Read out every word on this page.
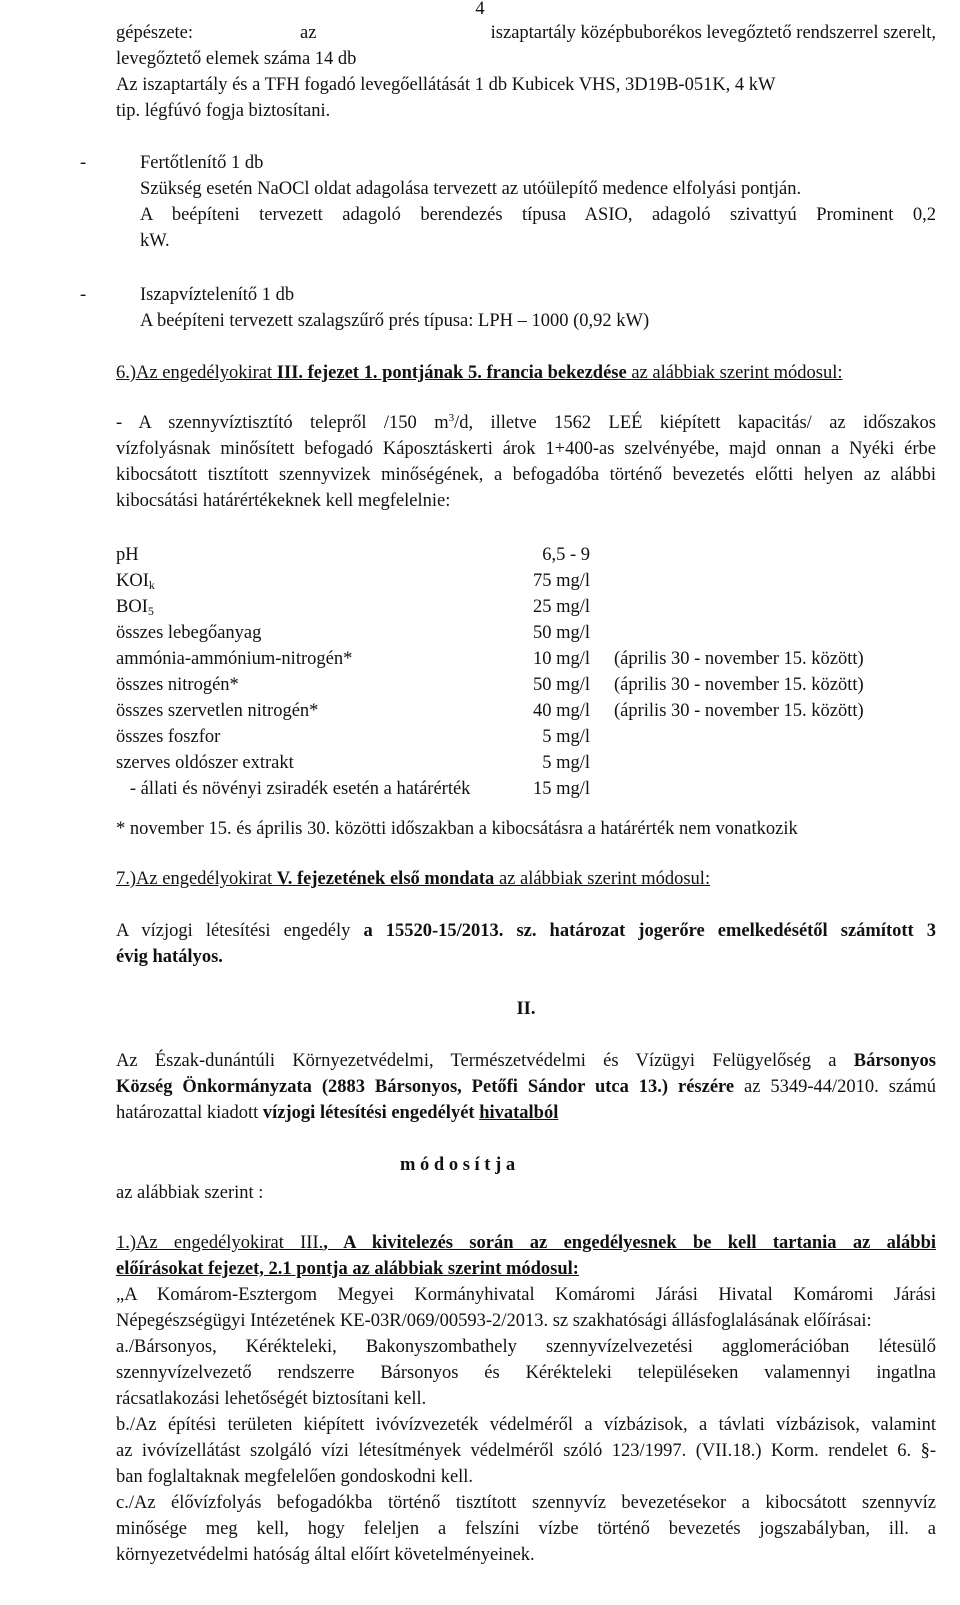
4
gépészete:	az	iszaptartály középbuborékos levegőztető rendszerrel szerelt,
levegőztető elemek száma 14 db
Az iszaptartály és a TFH fogadó levegőellátását 1 db Kubicek VHS, 3D19B-051K, 4 kW
tip. légfúvó fogja biztosítani.
-	Fertőtlenítő 1 db
Szükség esetén NaOCl oldat adagolása tervezett az utóülepítő medence elfolyási pontján.
A beépíteni tervezett adagoló berendezés típusa ASIO, adagoló szivattyú Prominent 0,2
kW.
-	Iszapvíztelenítő 1 db
A beépíteni tervezett szalagszűrő prés típusa: LPH – 1000 (0,92 kW)
6.)Az engedélyokirat III. fejezet 1. pontjának 5. francia bekezdése az alábbiak szerint módosul:
- A szennyvíztisztító telepről /150 $m^3/d$, illetve 1562 LEÉ kiépített kapacitás/ az időszakos
vízfolyásnak minősített befogadó Káposztáskerti árok 1+400-as szelvényébe, majd onnan a Nyéki érbe
kibocsátott tisztított szennyvizek minőségének, a befogadóba történő bevezetés előtti helyen az alábbi
kibocsátási határértékeknek kell megfelelnie:
pH	6,5 - 9
$KOI_k$	75 mg/l
$BOI_5$	25 mg/l
összes lebegőanyag	50 mg/l
ammónia-ammónium-nitrogén*	10 mg/l (április 30 - november 15. között)
összes nitrogén*	50 mg/l (április 30 - november 15. között)
összes szervetlen nitrogén*	40 mg/l (április 30 - november 15. között)
összes foszfor	5 mg/l
szerves oldószer extrakt	5 mg/l
- állati és növényi zsiradék esetén a határérték	15 mg/l
* november 15. és április 30. közötti időszakban a kibocsátásra a határérték nem vonatkozik
7.)Az engedélyokirat V. fejezetének első mondata az alábbiak szerint módosul:
A vízjogi létesítési engedély a 15520-15/2013. sz. határozat jogerőre emelkedésétől számított 3
évig hatályos.
II.
Az Észak-dunántúli Környezetvédelmi, Természetvédelmi és Vízügyi Felügyelőség a Bársonyos
Község Önkormányzata (2883 Bársonyos, Petőfi Sándor utca 13.) részére az 5349-44/2010. számú
határozattal kiadott vízjogi létesítési engedélyét hivatalból
m ó d o s í t j a
az alábbiak szerint :
1.)Az engedélyokirat III., A kivitelezés során az engedélyesnek be kell tartania az alábbi
előírásokat fejezet, 2.1 pontja az alábbiak szerint módosul:
„A Komárom-Esztergom Megyei Kormányhivatal Komáromi Járási Hivatal Komáromi Járási
Népegészségügyi Intézetének KE-03R/069/00593-2/2013. sz szakhatósági állásfoglalásának előírásai:
a./Bársonyos, Kérékteleki, Bakonyszombathely szennyvízelvezetési agglomerációban létesülő
szennyvízelvezető rendszerre Bársonyos és Kérékteleki településeken valamennyi ingatlna
rácsatlakozási lehetőségét biztosítani kell.
b./Az építési területen kiépített ivóvízvezeték védelméről a vízbázisok, a távlati vízbázisok, valamint
az ivóvízellátást szolgáló vízi létesítmények védelméről szóló 123/1997. (VII.18.) Korm. rendelet 6. §-
ban foglaltaknak megfelelően gondoskodni kell.
c./Az élővízfolyás befogadókba történő tisztított szennyvíz bevezetésekor a kibocsátott szennyvíz
minősége meg kell, hogy feleljen a felszíni vízbe történő bevezetés jogszabályban, ill. a
környezetvédelmi hatóság által előírt követelményeinek.
